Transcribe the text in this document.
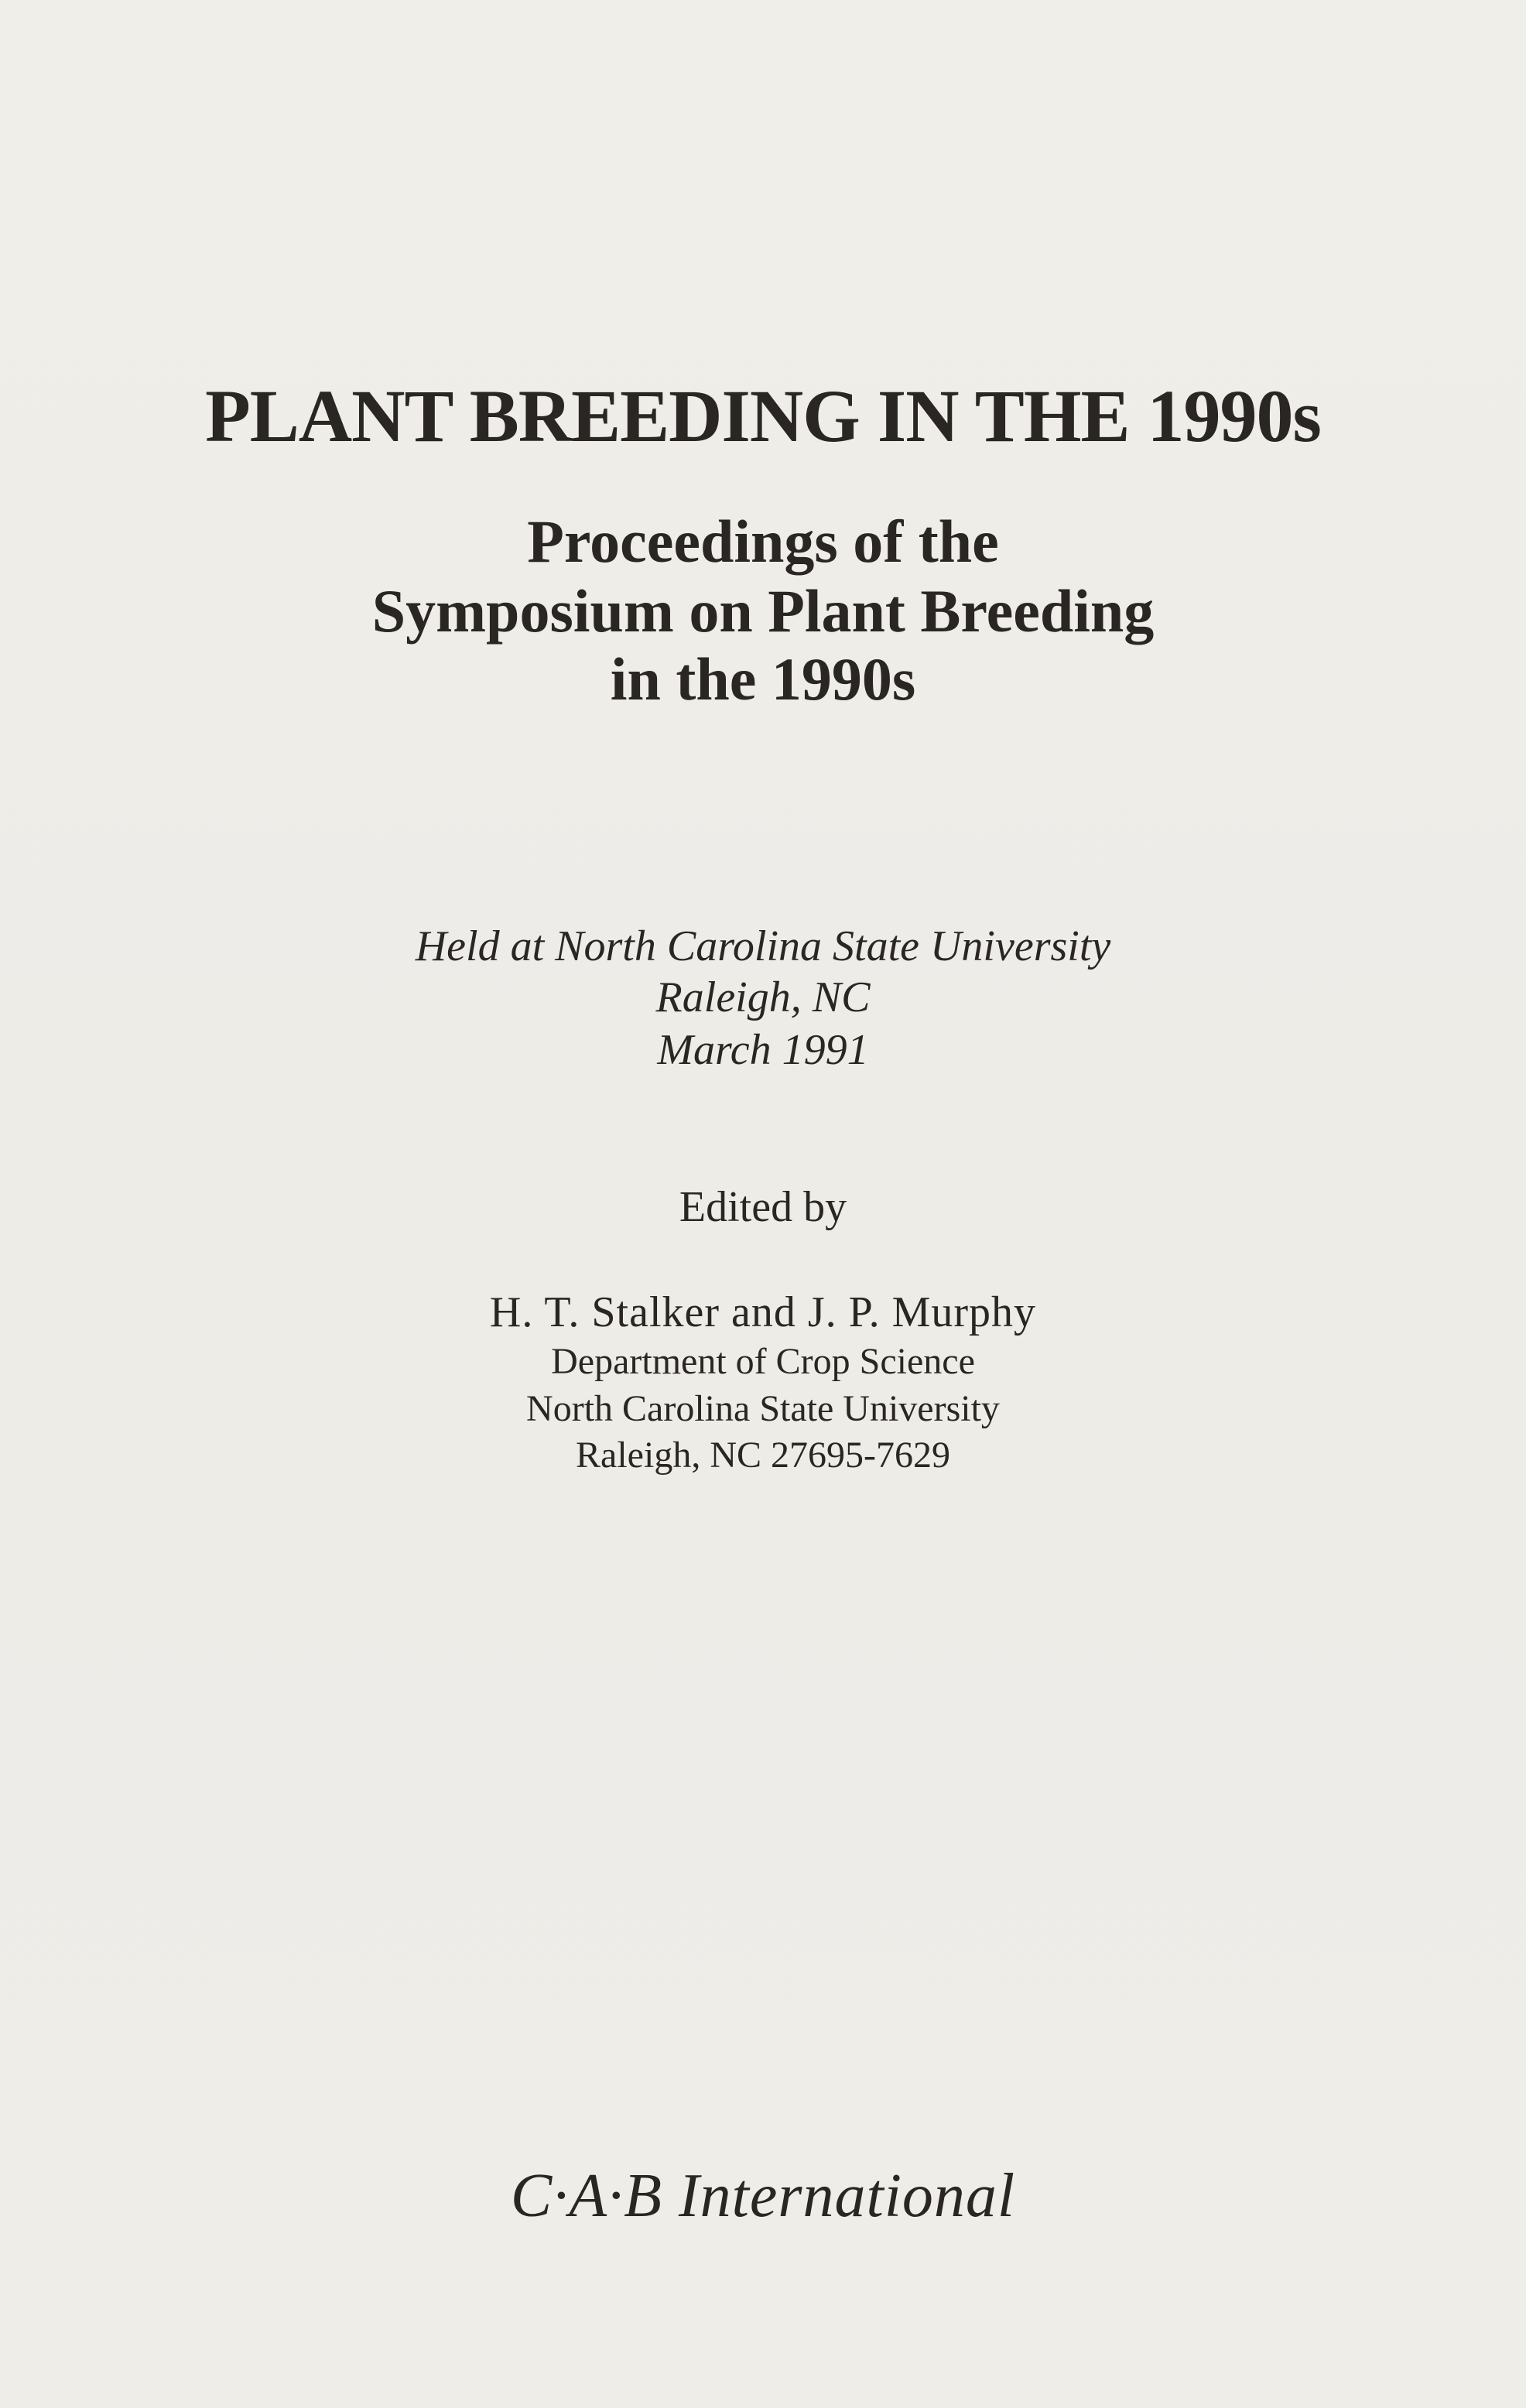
PLANT BREEDING IN THE 1990s

Proceedings of the

Symposium on Plant Breeding

in the 1990s

Held at North Carolina State University

Raleigh, NC

March 1991

Edited by

H. T. Stalker and J. P. Murphy

Department of Crop Science

North Carolina State University

Raleigh, NC 27695-7629

C·A·B International
